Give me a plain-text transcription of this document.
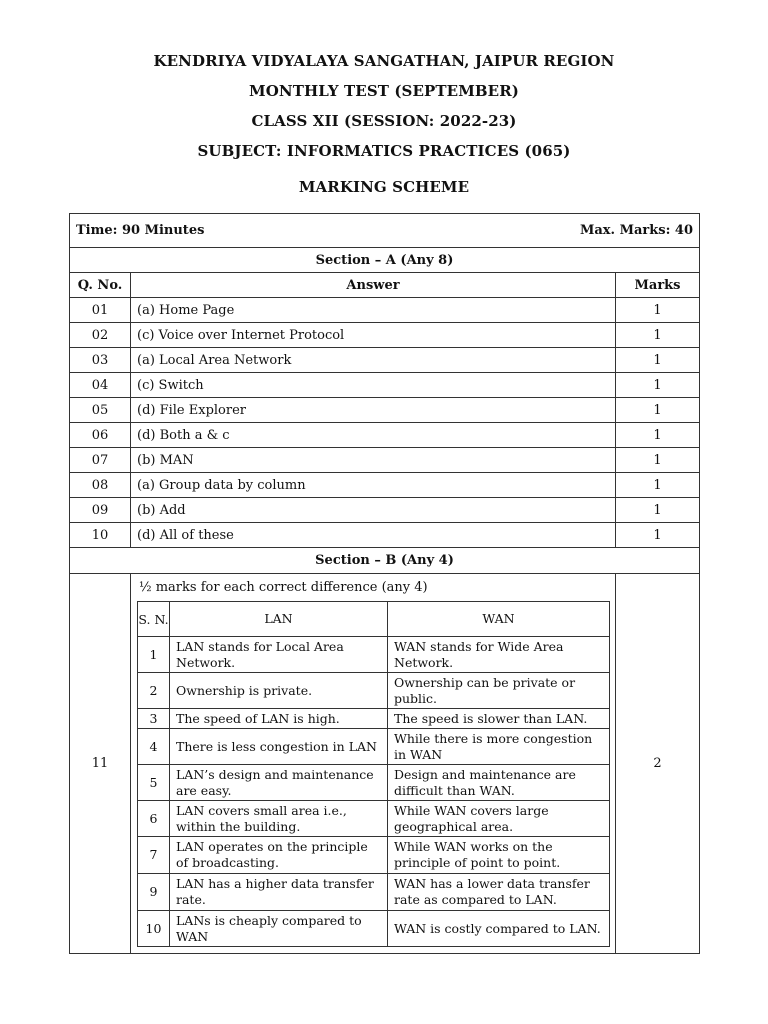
KENDRIYA VIDYALAYA SANGATHAN, JAIPUR REGION
MONTHLY TEST (SEPTEMBER)
CLASS XII (SESSION: 2022-23)
SUBJECT: INFORMATICS PRACTICES (065)
MARKING SCHEME
Time: 90 Minutes	Max. Marks: 40

Section – A (Any 8)
Q. No.	Answer	Marks
01	(a) Home Page	1
02	(c) Voice over Internet Protocol	1
03	(a) Local Area Network	1
04	(c) Switch	1
05	(d) File Explorer	1
06	(d) Both a & c	1
07	(b) MAN	1
08	(a) Group data by column	1
09	(b) Add	1
10	(d) All of these	1
Section – B (Any 4)
11	
½ marks for each correct difference (any 4)
S. N.	LAN	WAN
1	LAN stands for Local Area Network.	WAN stands for Wide Area Network.
2	Ownership is private.	Ownership can be private or public.
3	The speed of LAN is high.	The speed is slower than LAN.
4	There is less congestion in LAN	While there is more congestion in WAN
5	LAN’s design and maintenance are easy.	Design and maintenance are difficult than WAN.
6	LAN covers small area i.e., within the building.	While WAN covers large geographical area.
7	LAN operates on the principle of broadcasting.	While WAN works on the principle of point to point.
9	LAN has a higher data transfer rate.	WAN has a lower data transfer rate as compared to LAN.
10	LANs is cheaply compared to WAN	WAN is costly compared to LAN.
	2
